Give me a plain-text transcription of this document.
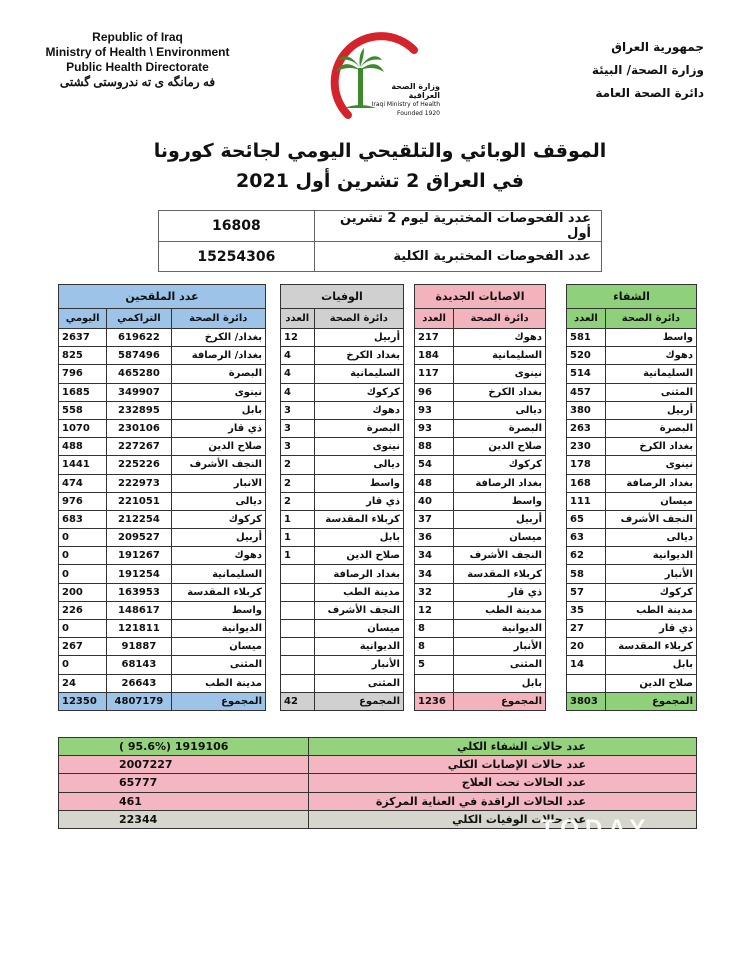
Republic of Iraq
Ministry of Health \ Environment
Public Health Directorate
فه رمانگه ى ته ندروستى گشتى	وزارة الصحة العراقية
Iraqi Ministry of Health
Founded 1920
جمهورية العراق
وزارة الصحة/ البيئة
دائرة الصحة العامة
الموقف الوبائي والتلقيحي اليومي لجائحة كورونا
في العراق 2 تشرين أول 2021
16808	عدد الفحوصات المختبرية ليوم 2 تشرين أول
15254306	عدد الفحوصات المختبرية الكلية
عدد الملقحين		
اليومي	التراكمي	دائرة الصحة
2637	619622	بغداد/ الكرخ
825	587496	بغداد/ الرصافة
796	465280	البصرة
1685	349907	نينوى
558	232895	بابل
1070	230106	ذي قار
488	227267	صلاح الدين
1441	225226	النجف الأشرف
474	222973	الانبار
976	221051	ديالى
683	212254	كركوك
0	209527	أربيل
0	191267	دهوك
0	191254	السليمانية
200	163953	كربلاء المقدسة
226	148617	واسط
0	121811	الديوانية
267	91887	ميسان
0	68143	المثنى
24	26643	مدينة الطب
12350	4807179	المجموع
الوفيات	
العدد	دائرة الصحة
12	أربيل
4	بغداد الكرخ
4	السليمانية
4	كركوك
3	دهوك
3	البصرة
3	نينوى
2	ديالى
2	واسط
2	ذي قار
1	كربلاء المقدسة
1	بابل
1	صلاح الدين
	بغداد الرصافة
	مدينة الطب
	النجف الأشرف
	ميسان
	الديوانية
	الأنبار
	المثنى
42	المجموع
الاصابات الجديدة	
العدد	دائرة الصحة
217	دهوك
184	السليمانية
117	نينوى
96	بغداد الكرخ
93	ديالى
93	البصرة
88	صلاح الدين
54	كركوك
48	بغداد الرصافة
40	واسط
37	أربيل
36	ميسان
34	النجف الأشرف
34	كربلاء المقدسة
32	ذي قار
12	مدينة الطب
8	الديوانية
8	الأنبار
5	المثنى
	بابل
1236	المجموع
الشفاء	
العدد	دائرة الصحة
581	واسط
520	دهوك
514	السليمانية
457	المثنى
380	أربيل
263	البصرة
230	بغداد الكرخ
178	نينوى
168	بغداد الرصافة
111	ميسان
65	النجف الأشرف
63	ديالى
62	الديوانية
58	الأنبار
57	كركوك
35	مدينة الطب
27	ذي قار
20	كربلاء المقدسة
14	بابل
	صلاح الدين
3803	المجموع
( 95.6%) 1919106	عدد حالات الشفاء الكلي
2007227	عدد حالات الإصابات الكلي
65777	عدد الحالات تحت العلاج
461	عدد الحالات الراقدة في العناية المركزة
22344	عدد حالات الوفيات الكلي
TODAY
